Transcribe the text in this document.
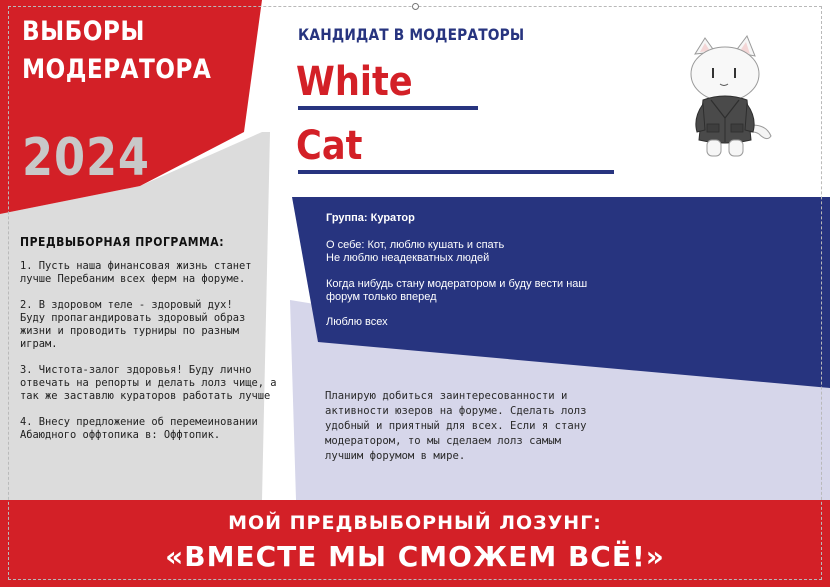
ВЫБОРЫ
МОДЕРАТОРА
2024
ПРЕДВЫБОРНАЯ ПРОГРАММА:
1. Пусть наша финансовая жизнь станет
лучше Перебаним всех ферм на форуме.
2. В здоровом теле - здоровый дух!
Буду пропагандировать здоровый образ
жизни и проводить турниры по разным
играм.
3. Чистота-залог здоровья! Буду лично
отвечать на репорты и делать лолз чище, а
так же заставлю кураторов работать лучше
4. Внесу предложение об перемеинoвании
Абаюдного оффтопика в: Оффтопик.
КАНДИДАТ В МОДЕРАТОРЫ
White
Cat
Группа: Куратор
О себе: Кот, люблю кушать и спать
Не люблю неадекватных людей
Когда нибудь стану модератором и буду вести наш
форум только вперед
Люблю всех
Планирую добиться заинтересованности и
активности юзеров на форуме. Сделать лолз
удобный и приятный для всех. Если я стану
модератором, то мы сделаем лолз самым
лучшим форумом в мире.
МОЙ ПРЕДВЫБОРНЫЙ ЛОЗУНГ:
«ВМЕСТЕ МЫ СМОЖЕМ ВСЁ!»
